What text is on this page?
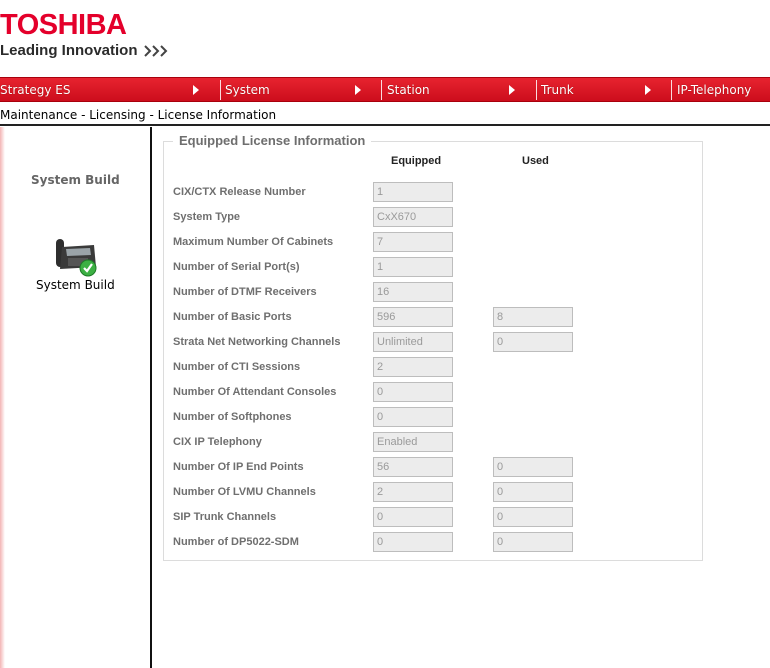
TOSHIBA
Leading Innovation
Strategy ES	System	Station	Trunk	IP-Telephony
Maintenance - Licensing - License Information
System Build
System Build
Equipped License Information
Equipped	Used
CIX/CTX Release Number	1
System Type	CxX670
Maximum Number Of Cabinets	7
Number of Serial Port(s)	1
Number of DTMF Receivers	16
Number of Basic Ports	596	8
Strata Net Networking Channels	Unlimited	0
Number of CTI Sessions	2
Number Of Attendant Consoles	0
Number of Softphones	0
CIX IP Telephony	Enabled
Number Of IP End Points	56	0
Number Of LVMU Channels	2	0
SIP Trunk Channels	0	0
Number of DP5022-SDM	0	0
